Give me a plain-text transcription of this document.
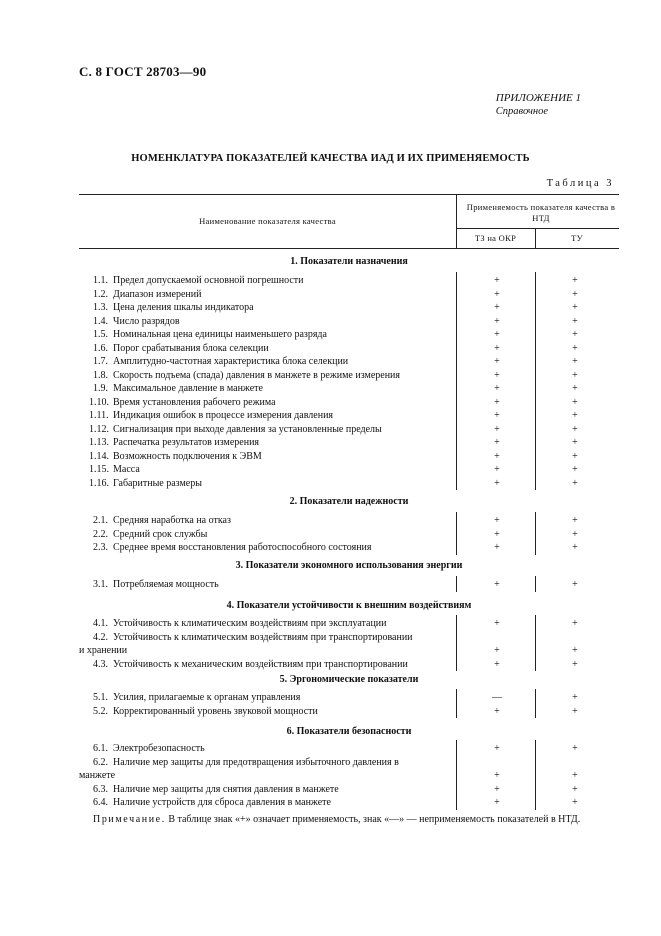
С. 8 ГОСТ 28703—90
ПРИЛОЖЕНИЕ 1
Справочное
НОМЕНКЛАТУРА ПОКАЗАТЕЛЕЙ КАЧЕСТВА ИАД И ИХ ПРИМЕНЯЕМОСТЬ
Таблица 3
Наименование показателя качества
Применяемость показателя качества в НТД
ТЗ на ОКР	ТУ
1. Показатели назначения
1.1. Предел допускаемой основной погрешности	+	+
1.2. Диапазон измерений	+	+
1.3. Цена деления шкалы индикатора	+	+
1.4. Число разрядов	+	+
1.5. Номинальная цена единицы наименьшего разряда	+	+
1.6. Порог срабатывания блока селекции	+	+
1.7. Амплитудно-частотная характеристика блока селекции	+	+
1.8. Скорость подъема (спада) давления в манжете в режиме измерения	+	+
1.9. Максимальное давление в манжете	+	+
1.10. Время установления рабочего режима	+	+
1.11. Индикация ошибок в процессе измерения давления	+	+
1.12. Сигнализация при выходе давления за установленные пределы	+	+
1.13. Распечатка результатов измерения	+	+
1.14. Возможность подключения к ЭВМ	+	+
1.15. Масса	+	+
1.16. Габаритные размеры	+	+
2. Показатели надежности
2.1. Средняя наработка на отказ	+	+
2.2. Средний срок службы	+	+
2.3. Среднее время восстановления работоспособного состояния	+	+
3. Показатели экономного использования энергии
3.1. Потребляемая мощность	+	+
4. Показатели устойчивости к внешним воздействиям
4.1. Устойчивость к климатическим воздействиям при эксплуатации	+	+
4.2. Устойчивость к климатическим воздействиям при транспортировании
и хранении	+	+
4.3. Устойчивость к механическим воздействиям при транспортировании	+	+
5. Эргономические показатели
5.1. Усилия, прилагаемые к органам управления	—	+
5.2. Корректированный уровень звуковой мощности	+	+
6. Показатели безопасности
6.1. Электробезопасность	+	+
6.2. Наличие мер защиты для предотвращения избыточного давления в
манжете	+	+
6.3. Наличие мер защиты для снятия давления в манжете	+	+
6.4. Наличие устройств для сброса давления в манжете	+	+
Примечание. В таблице знак «+» означает применяемость, знак «—» — неприменяемость показателей в НТД.
